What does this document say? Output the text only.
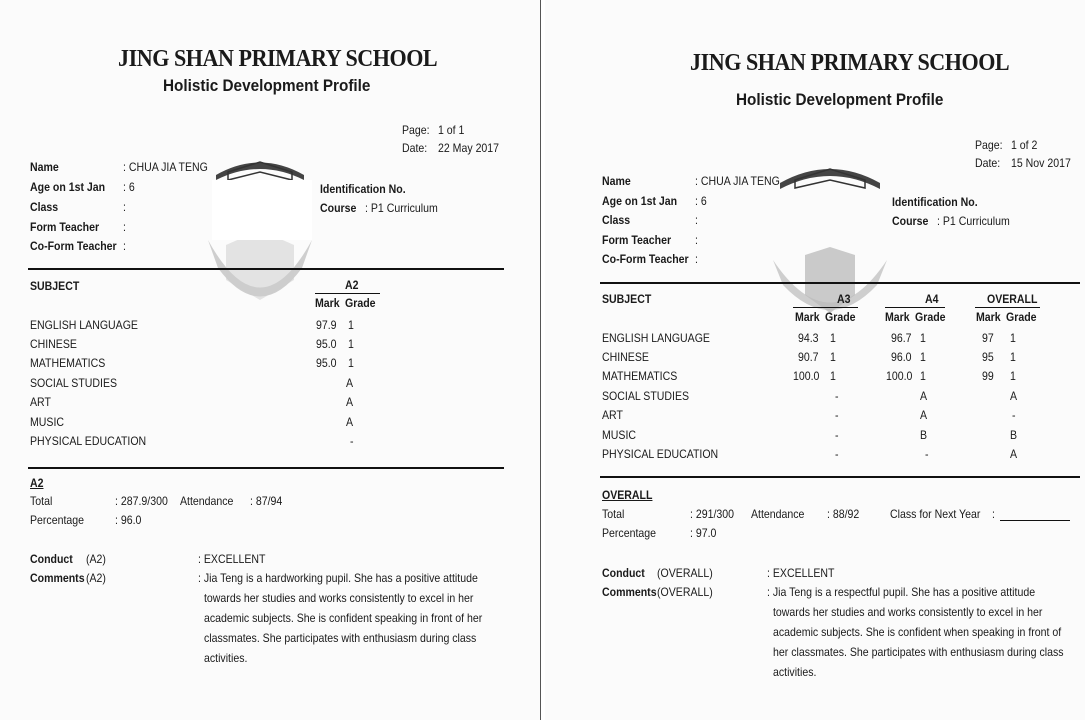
JING SHAN PRIMARY SCHOOL
Holistic Development Profile
Page: 1 of 1
Date: 22 May 2017
Name	: CHUA JIA TENG
Age on 1st Jan : 6
Class	:
Form Teacher :
Co-Form Teacher :
Identification No.
Course : P1 Curriculum
SUBJECT	A2
Mark Grade
ENGLISH LANGUAGE	97.9 1
CHINESE	95.0 1
MATHEMATICS	95.0 1
SOCIAL STUDIES	A
ART	A
MUSIC	A
PHYSICAL EDUCATION	-
A2
Total	: 287.9/300 Attendance : 87/94
Percentage	: 96.0
Conduct (A2)	: EXCELLENT
Comments (A2)	: Jia Teng is a hardworking pupil. She has a positive attitude
towards her studies and works consistently to excel in her
academic subjects. She is confident speaking in front of her
classmates. She participates with enthusiasm during class
activities.
JING SHAN PRIMARY SCHOOL
Holistic Development Profile
Page: 1 of 2
Date: 15 Nov 2017
Name	: CHUA JIA TENG
Age on 1st Jan : 6
Class	:
Form Teacher :
Co-Form Teacher :
Identification No.
Course : P1 Curriculum
SUBJECT	A3	A4	OVERALL
Mark Grade Mark Grade	Mark Grade
ENGLISH LANGUAGE	94.3 1	96.7 1	97 1
CHINESE	90.7 1	96.0 1	95 1
MATHEMATICS	100.0 1	100.0 1	99 1
SOCIAL STUDIES	-	A	A
ART	-	A	-
MUSIC	-	B	B
PHYSICAL EDUCATION	-	-	A
OVERALL
Total	: 291/300 Attendance : 88/92	Class for Next Year :
Percentage	: 97.0
Conduct (OVERALL)	: EXCELLENT
Comments (OVERALL)	: Jia Teng is a respectful pupil. She has a positive attitude
towards her studies and works consistently to excel in her
academic subjects. She is confident when speaking in front of
her classmates. She participates with enthusiasm during class
activities.
